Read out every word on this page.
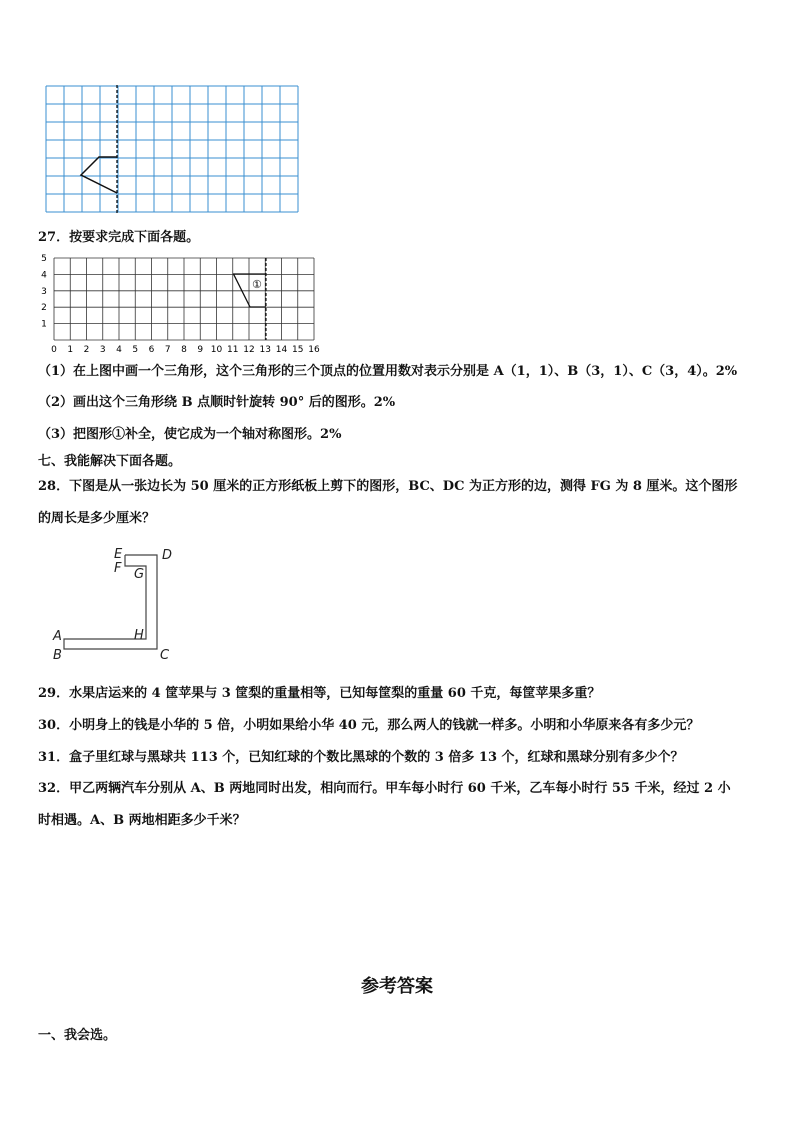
27．按要求完成下面各题。
0 1 2 3 4 5 6 7 8 9 10 11 12 13 14 15 16
1
2
3
4
5
①
（1）在上图中画一个三角形，这个三角形的三个顶点的位置用数对表示分别是 A（1，1）、B（3，1）、C（3，4）。2%
（2）画出这个三角形绕 B 点顺时针旋转 90° 后的图形。2%
（3）把图形①补全，使它成为一个轴对称图形。2%
七、我能解决下面各题。
28．下图是从一张边长为 50 厘米的正方形纸板上剪下的图形，BC、DC 为正方形的边，测得 FG 为 8 厘米。这个图形
的周长是多少厘米？
E	D
F G
A	H
B	C
29．水果店运来的 4 筐苹果与 3 筐梨的重量相等，已知每筐梨的重量 60 千克，每筐苹果多重？
30．小明身上的钱是小华的 5 倍，小明如果给小华 40 元，那么两人的钱就一样多。小明和小华原来各有多少元？
31．盒子里红球与黑球共 113 个，已知红球的个数比黑球的个数的 3 倍多 13 个，红球和黑球分别有多少个？
32．甲乙两辆汽车分别从 A、B 两地同时出发，相向而行。甲车每小时行 60 千米，乙车每小时行 55 千米，经过 2 小
时相遇。A、B 两地相距多少千米？
参考答案
一、我会选。
